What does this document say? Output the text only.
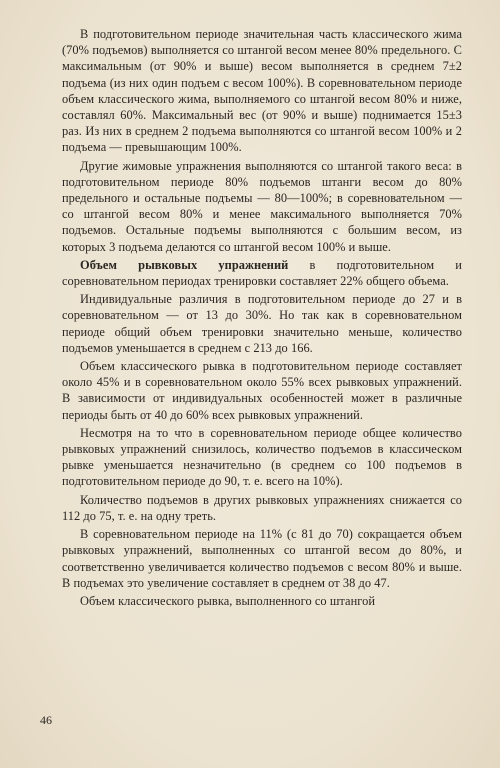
В подготовительном периоде значительная часть классического жима (70% подъемов) выполняется со штангой весом менее 80% предельного. С максимальным (от 90% и выше) весом выполняется в среднем 7±2 подъема (из них один подъем с весом 100%). В соревновательном периоде объем классического жима, выполняемого со штангой весом 80% и ниже, составлял 60%. Максимальный вес (от 90% и выше) поднимается 15±3 раз. Из них в среднем 2 подъема выполняются со штангой весом 100% и 2 подъема — превышающим 100%.

Другие жимовые упражнения выполняются со штангой такого веса: в подготовительном периоде 80% подъемов штанги весом до 80% предельного и остальные подъемы — 80—100%; в соревновательном — со штангой весом 80% и менее максимального выполняется 70% подъемов. Остальные подъемы выполняются с большим весом, из которых 3 подъема делаются со штангой весом 100% и выше.

Объем рывковых упражнений в подготовительном и соревновательном периодах тренировки составляет 22% общего объема.

Индивидуальные различия в подготовительном периоде до 27 и в соревновательном — от 13 до 30%. Но так как в соревновательном периоде общий объем тренировки значительно меньше, количество подъемов уменьшается в среднем с 213 до 166.

Объем классического рывка в подготовительном периоде составляет около 45% и в соревновательном около 55% всех рывковых упражнений. В зависимости от индивидуальных особенностей может в различные периоды быть от 40 до 60% всех рывковых упражнений.

Несмотря на то что в соревновательном периоде общее количество рывковых упражнений снизилось, количество подъемов в классическом рывке уменьшается незначительно (в среднем со 100 подъемов в подготовительном периоде до 90, т. е. всего на 10%).

Количество подъемов в других рывковых упражнениях снижается со 112 до 75, т. е. на одну треть.

В соревновательном периоде на 11% (с 81 до 70) сокращается объем рывковых упражнений, выполненных со штангой весом до 80%, и соответственно увеличивается количество подъемов с весом 80% и выше. В подъемах это увеличение составляет в среднем от 38 до 47.

Объем классического рывка, выполненного со штангой

46
